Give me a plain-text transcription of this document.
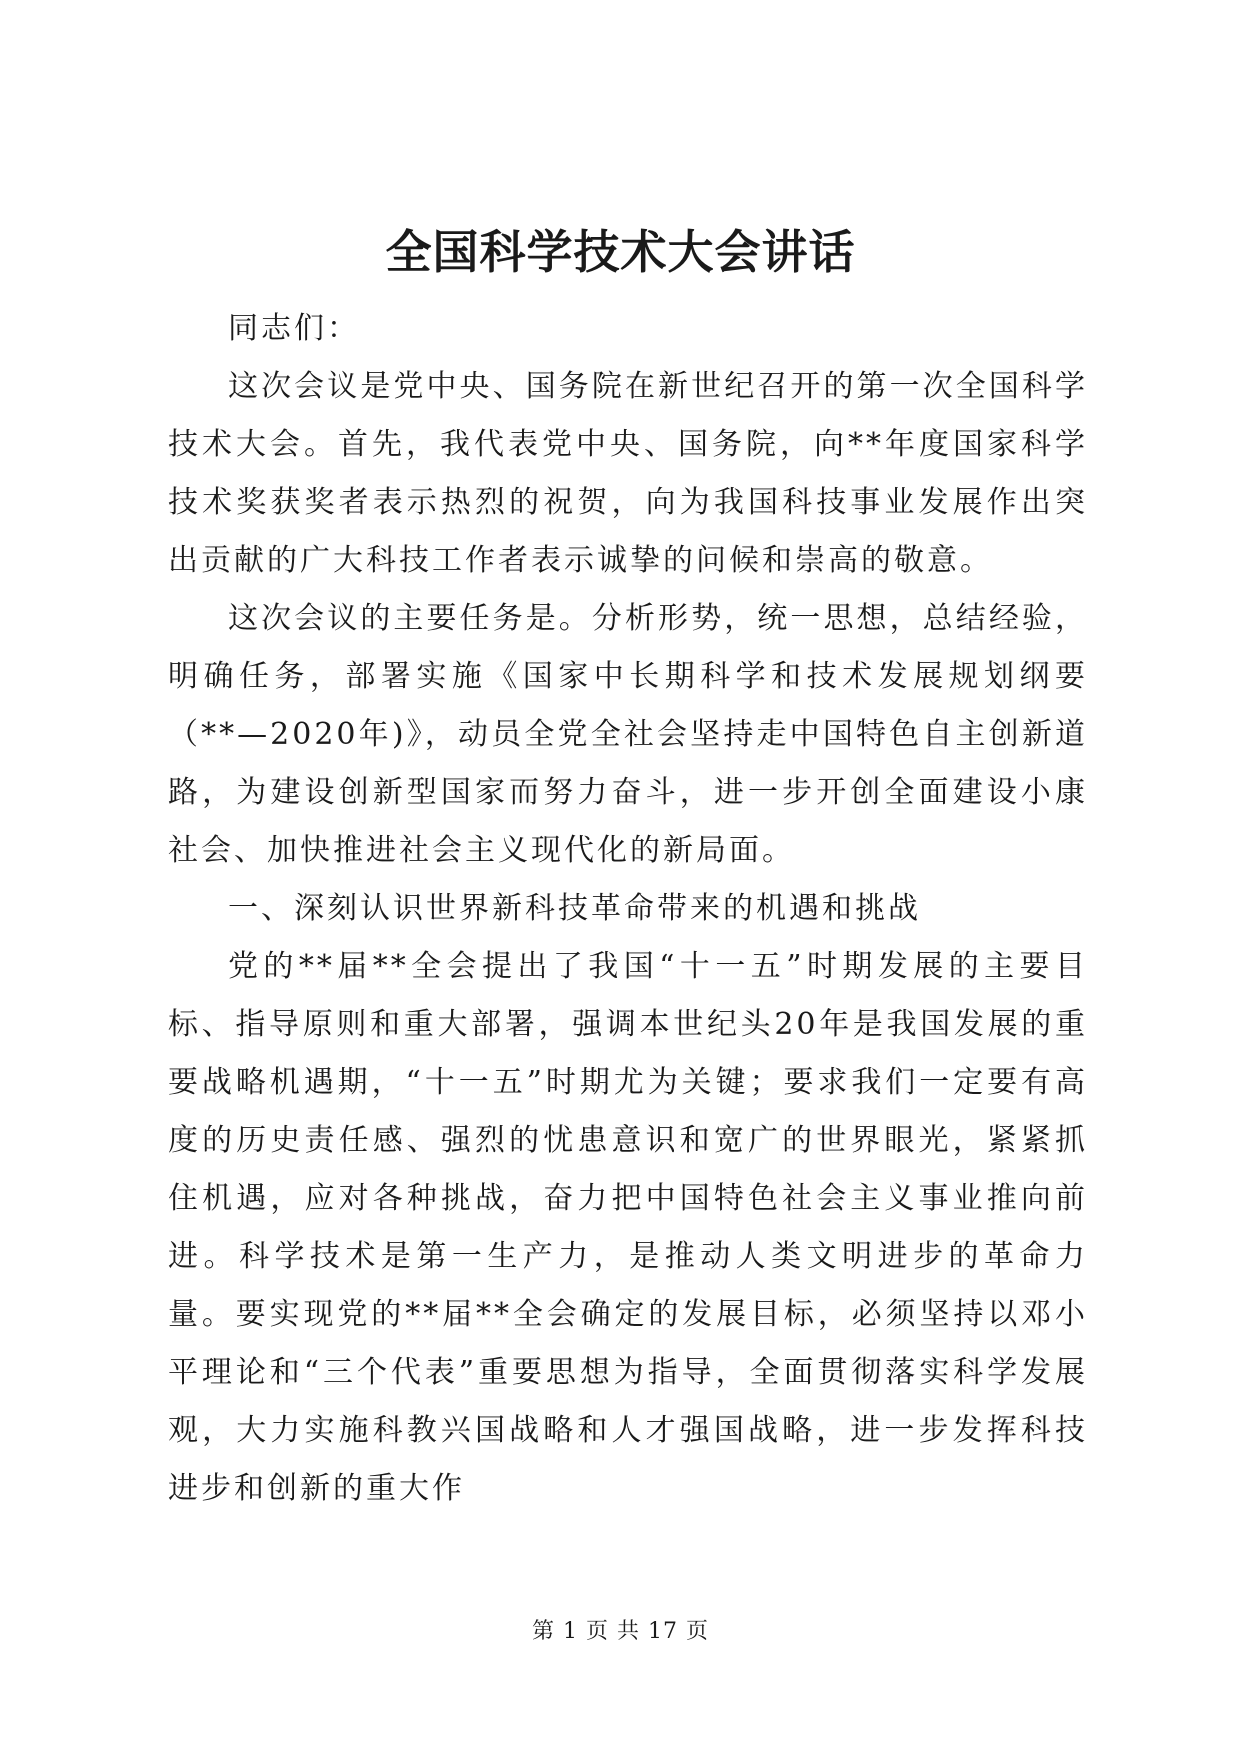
全国科学技术大会讲话

同志们：

这次会议是党中央、国务院在新世纪召开的第一次全国科学技术大会。首先，我代表党中央、国务院，向**年度国家科学技术奖获奖者表示热烈的祝贺，向为我国科技事业发展作出突出贡献的广大科技工作者表示诚挚的问候和崇高的敬意。

这次会议的主要任务是。分析形势，统一思想，总结经验，明确任务，部署实施《国家中长期科学和技术发展规划纲要（**—2020年)》，动员全党全社会坚持走中国特色自主创新道路，为建设创新型国家而努力奋斗，进一步开创全面建设小康社会、加快推进社会主义现代化的新局面。

一、深刻认识世界新科技革命带来的机遇和挑战

党的**届**全会提出了我国“十一五”时期发展的主要目标、指导原则和重大部署，强调本世纪头20年是我国发展的重要战略机遇期，“十一五”时期尤为关键；要求我们一定要有高度的历史责任感、强烈的忧患意识和宽广的世界眼光，紧紧抓住机遇，应对各种挑战，奋力把中国特色社会主义事业推向前进。科学技术是第一生产力，是推动人类文明进步的革命力量。要实现党的**届**全会确定的发展目标，必须坚持以邓小平理论和“三个代表”重要思想为指导，全面贯彻落实科学发展观，大力实施科教兴国战略和人才强国战略，进一步发挥科技进步和创新的重大作

第 1 页 共 17 页
